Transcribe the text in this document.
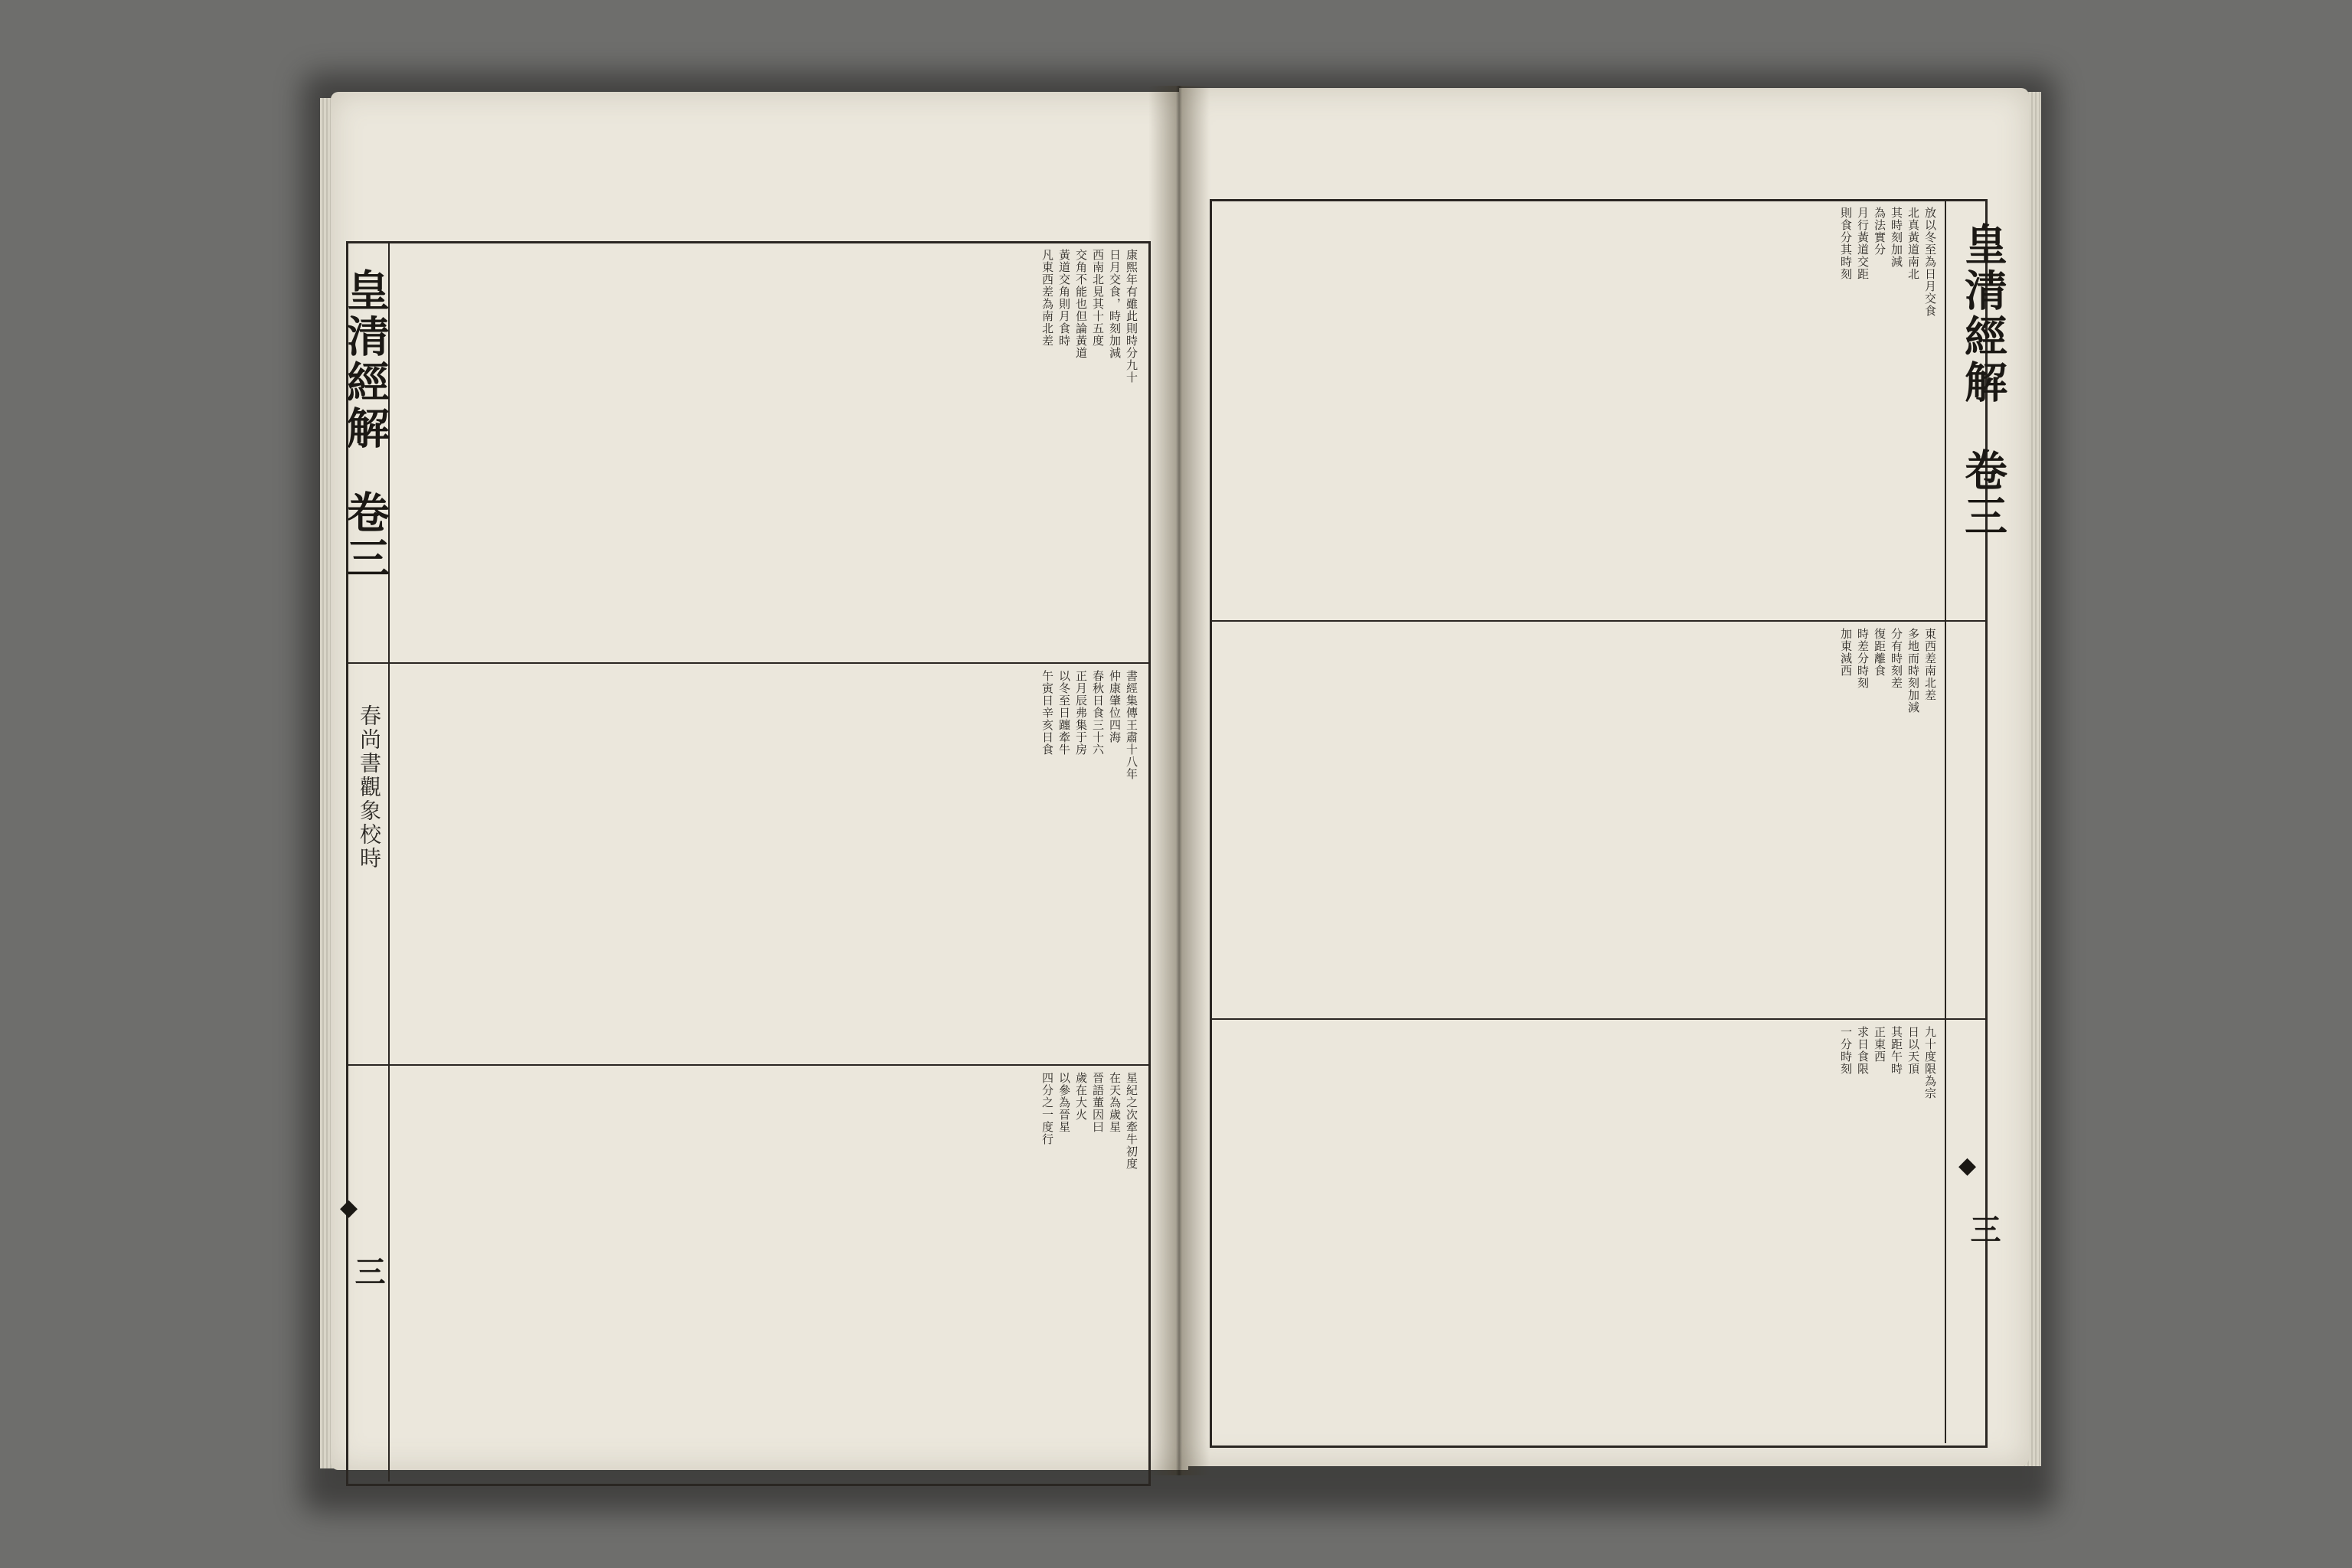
皇清經解
卷三
春尚書觀象校時
◆
三
康熙年有雖此則時分九十
日月交食，時刻加減
西南北見其十五度
交角不能也但論黃道
黃道交角則月食時
凡東西差為南北差
書經集傳王肅十八年
仲康肇位四海
春秋日食三十六
正月辰弗集于房
以冬至日躔牽牛
午寅日辛亥日食
星紀之次牽牛初度
在天為歲星
晉語董因曰
歲在大火
以參為晉星
四分之一度行
皇清經解
卷三
◆
三
放以冬至為日月交食
北真黃道南北
其時刻加減
為法實分
月行黃道交距
則食分其時刻
東西差南北差
多地而時刻加減
分有時刻差
復距離食
時差分時刻
加東減西
九十度限為宗
日以天頂
其距午時
正東西
求日食限
一分時刻
